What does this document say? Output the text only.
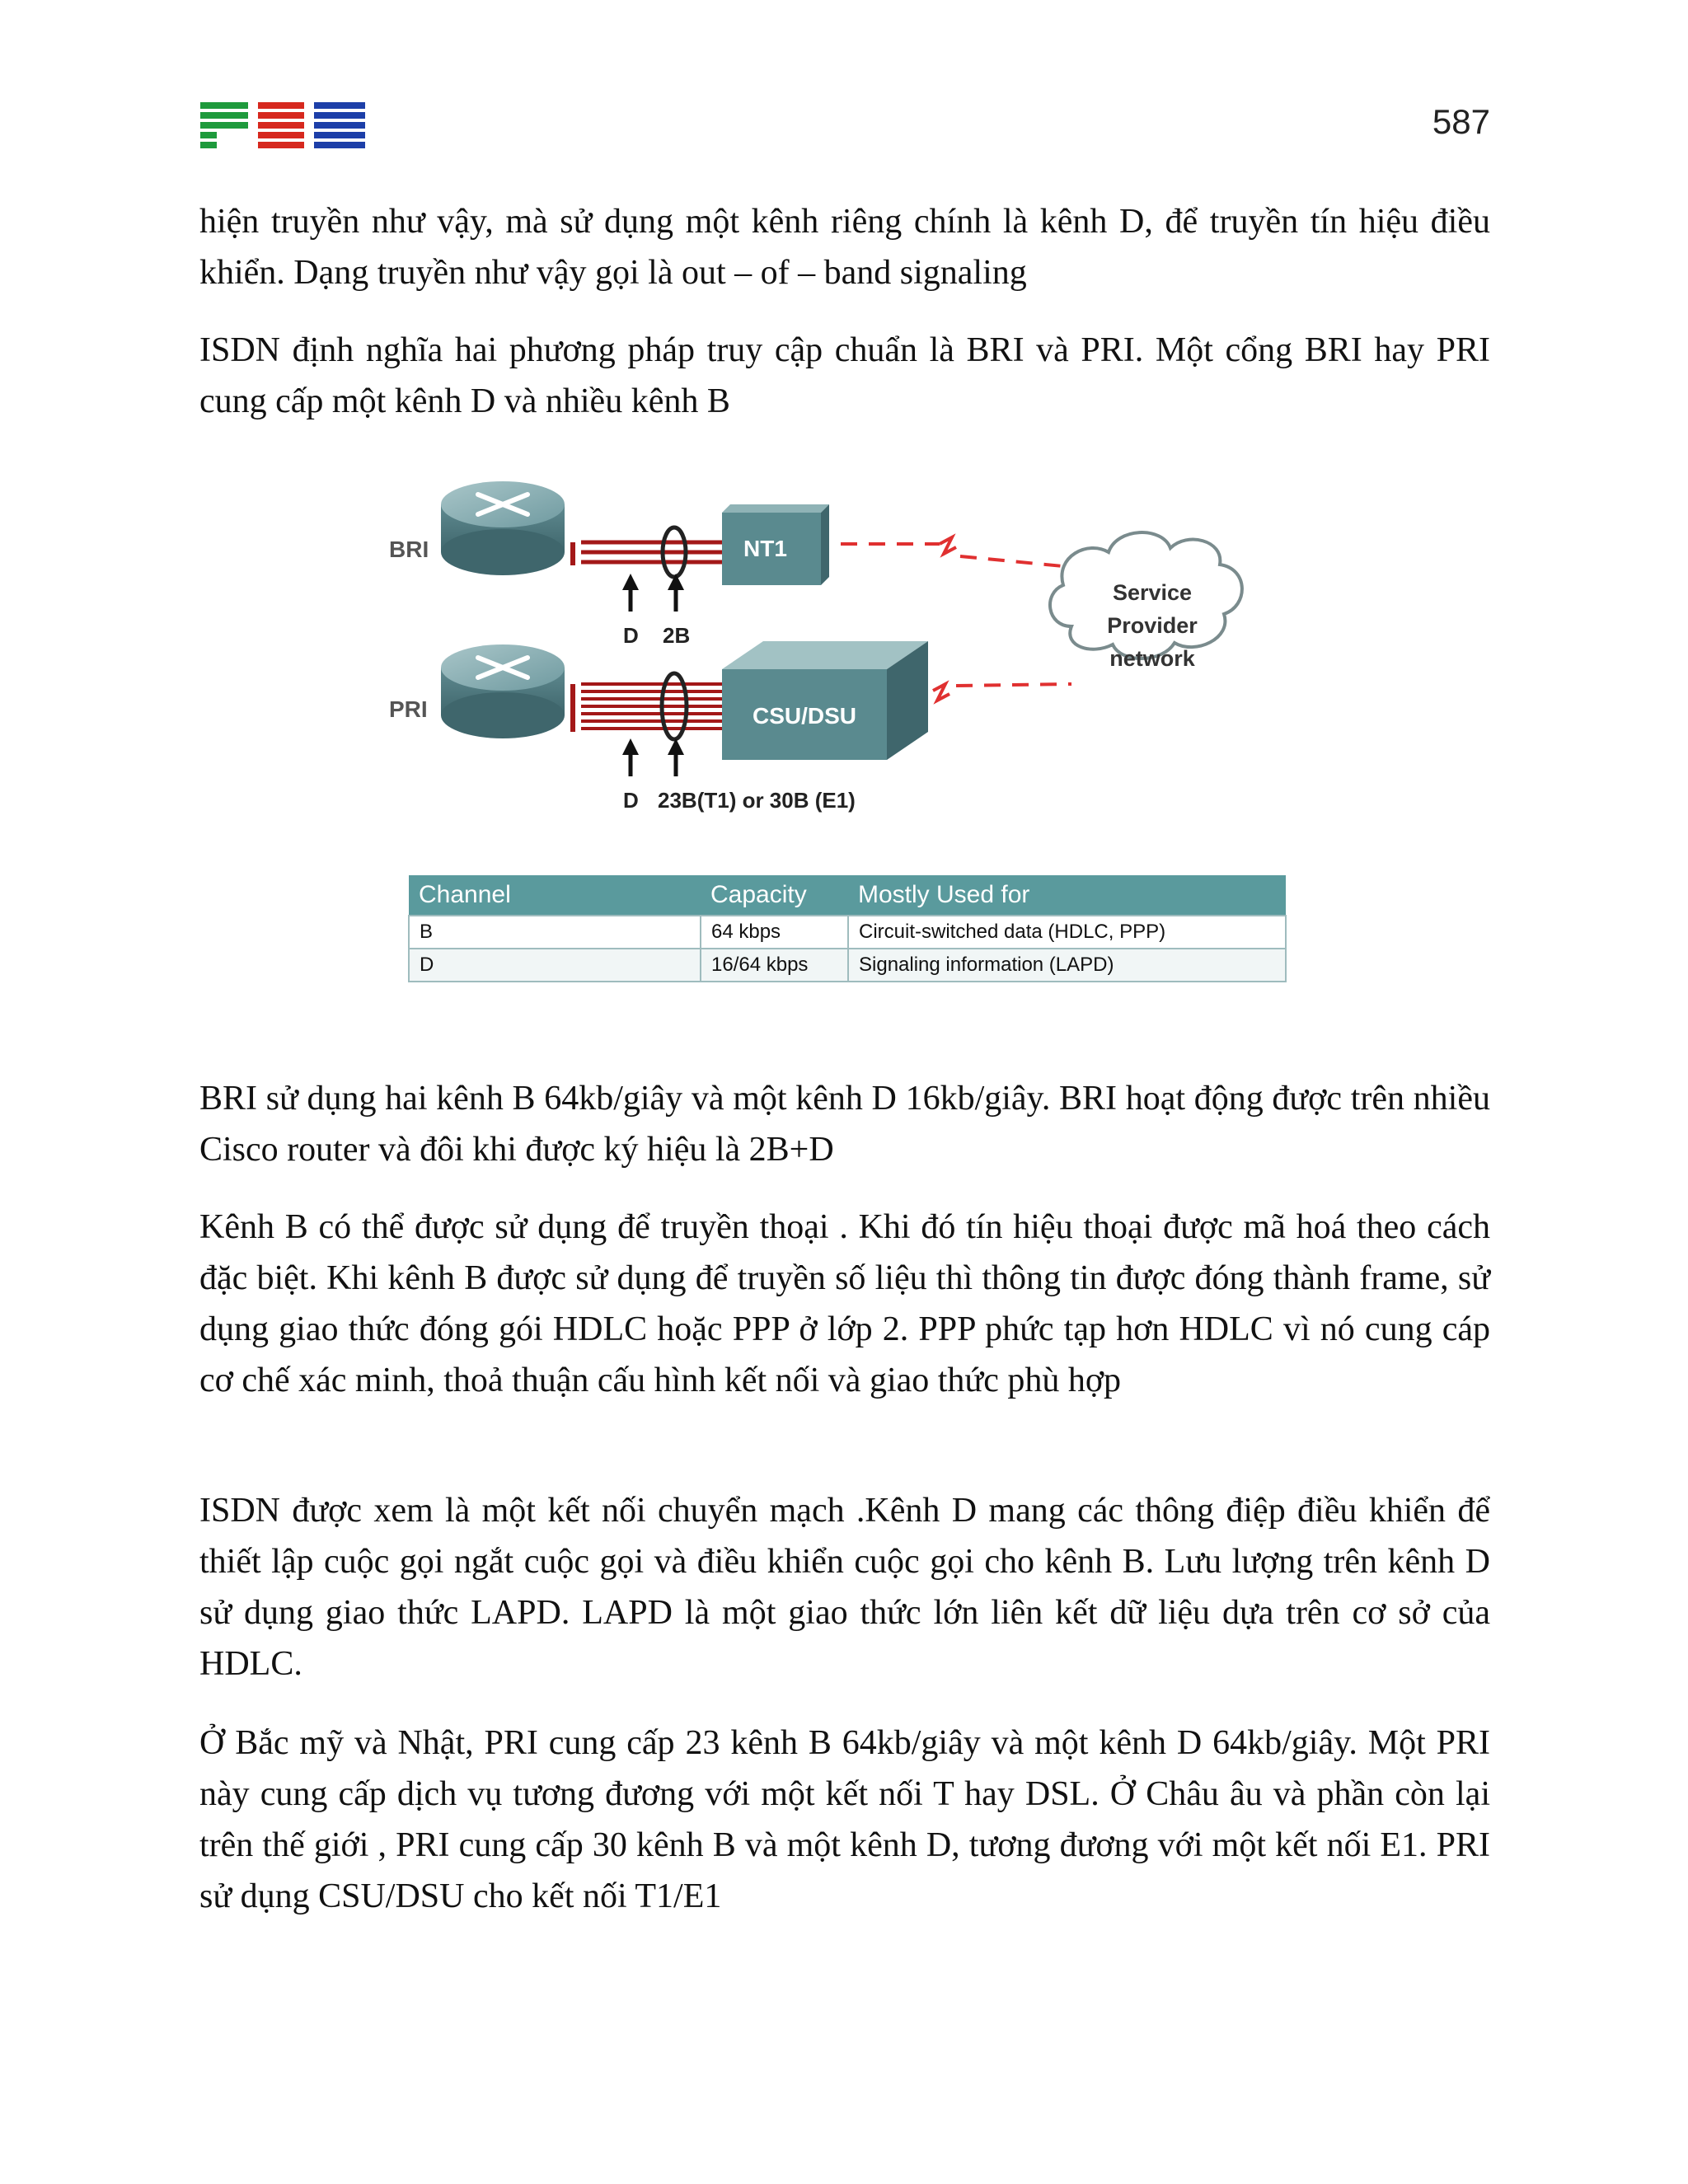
587

hiện truyền như vậy, mà sử dụng một kênh riêng chính là kênh D, để truyền tín hiệu điều khiển. Dạng truyền như vậy gọi là out – of – band signaling

ISDN định nghĩa hai phương pháp truy cập chuẩn là BRI và PRI. Một cổng BRI hay PRI cung cấp một kênh D và nhiều kênh B

BRI
D 2B
NT1
Service
Provider
network
PRI
D 23B(T1) or 30B (E1)
CSU/DSU
Channel	Capacity	Mostly Used for
B	64 kbps	Circuit-switched data (HDLC, PPP)
D	16/64 kbps	Signaling information (LAPD)

BRI sử dụng hai kênh B 64kb/giây và một kênh D 16kb/giây. BRI hoạt động được trên nhiều Cisco router và đôi khi được ký hiệu là 2B+D

Kênh B có thể được sử dụng để truyền thoại . Khi đó tín hiệu thoại được mã hoá theo cách đặc biệt. Khi kênh B được sử dụng để truyền số liệu thì thông tin được đóng thành frame, sử dụng giao thức đóng gói HDLC hoặc PPP ở lớp 2. PPP phức tạp hơn HDLC vì nó cung cáp cơ chế xác minh, thoả thuận cấu hình kết nối và giao thức phù hợp

ISDN được xem là một kết nối chuyển mạch .Kênh D mang các thông điệp điều khiển để thiết lập cuộc gọi ngắt cuộc gọi và điều khiển cuộc gọi cho kênh B. Lưu lượng trên kênh D sử dụng giao thức LAPD. LAPD là một giao thức lớn liên kết dữ liệu dựa trên cơ sở của HDLC.

Ở Bắc mỹ và Nhật, PRI cung cấp 23 kênh B 64kb/giây và một kênh D 64kb/giây. Một PRI này cung cấp dịch vụ tương đương với một kết nối T hay DSL. Ở Châu âu và phần còn lại trên thế giới , PRI cung cấp 30 kênh B và một kênh D, tương đương với một kết nối E1. PRI sử dụng CSU/DSU cho kết nối T1/E1
